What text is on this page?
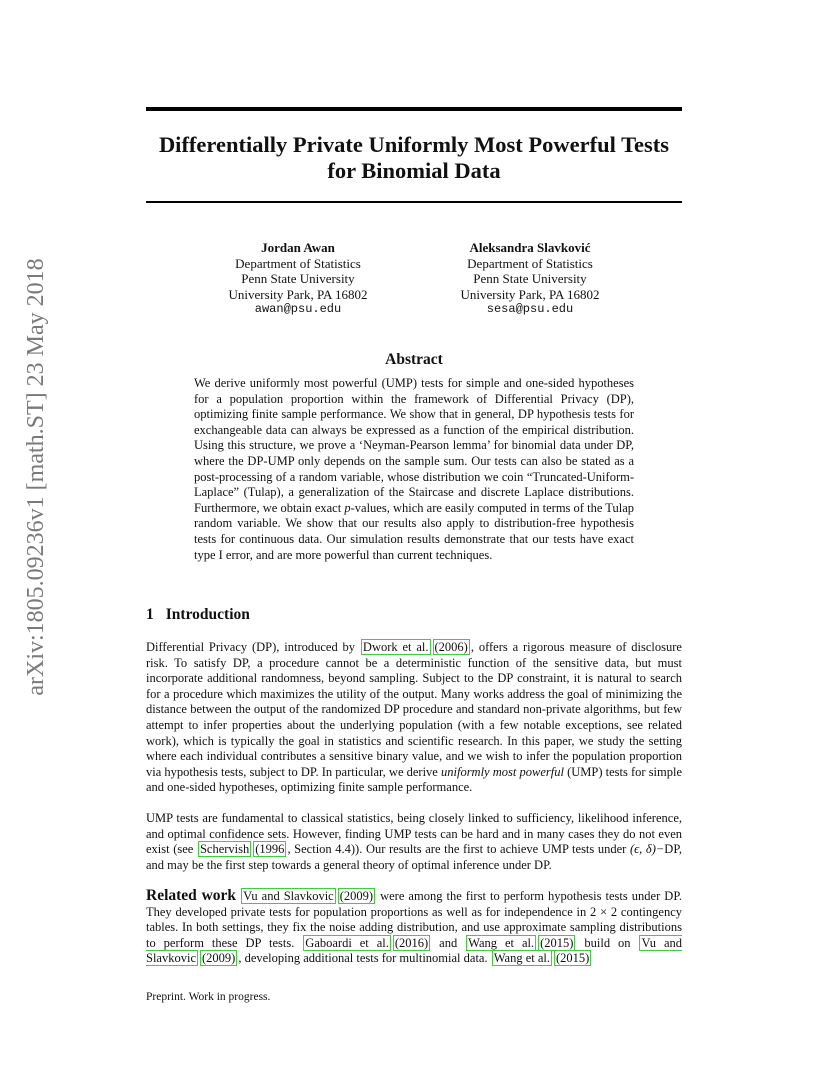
arXiv:1805.09236v1 [math.ST] 23 May 2018
Differentially Private Uniformly Most Powerful Tests
for Binomial Data
Jordan Awan
Department of Statistics
Penn State University
University Park, PA 16802
awan@psu.edu
Aleksandra Slavković
Department of Statistics
Penn State University
University Park, PA 16802
sesa@psu.edu
Abstract

We derive uniformly most powerful (UMP) tests for simple and one-sided hypotheses for a population proportion within the framework of Differential Privacy (DP), optimizing finite sample performance. We show that in general, DP hypothesis tests for exchangeable data can always be expressed as a function of the empirical distribution. Using this structure, we prove a ‘Neyman-Pearson lemma’ for binomial data under DP, where the DP-UMP only depends on the sample sum. Our tests can also be stated as a post-processing of a random variable, whose distribution we coin “Truncated-Uniform-Laplace” (Tulap), a generalization of the Staircase and discrete Laplace distributions. Furthermore, we obtain exact p-values, which are easily computed in terms of the Tulap random variable. We show that our results also apply to distribution-free hypothesis tests for continuous data. Our simulation results demonstrate that our tests have exact type I error, and are more powerful than current techniques.

1 Introduction

Differential Privacy (DP), introduced by Dwork et al. (2006) , offers a rigorous measure of disclosure risk. To satisfy DP, a procedure cannot be a deterministic function of the sensitive data, but must incorporate additional randomness, beyond sampling. Subject to the DP constraint, it is natural to search for a procedure which maximizes the utility of the output. Many works address the goal of minimizing the distance between the output of the randomized DP procedure and standard non-private algorithms, but few attempt to infer properties about the underlying population (with a few notable exceptions, see related work), which is typically the goal in statistics and scientific research. In this paper, we study the setting where each individual contributes a sensitive binary value, and we wish to infer the population proportion via hypothesis tests, subject to DP. In particular, we derive uniformly most powerful (UMP) tests for simple and one-sided hypotheses, optimizing finite sample performance.

UMP tests are fundamental to classical statistics, being closely linked to sufficiency, likelihood inference, and optimal confidence sets. However, finding UMP tests can be hard and in many cases they do not even exist (see Schervish (1996 , Section 4.4)). Our results are the first to achieve UMP tests under (ϵ, δ)−DP, and may be the first step towards a general theory of optimal inference under DP.

Related work Vu and Slavkovic (2009) were among the first to perform hypothesis tests under DP. They developed private tests for population proportions as well as for independence in 2 × 2 contingency tables. In both settings, they fix the noise adding distribution, and use approximate sampling distributions to perform these DP tests. Gaboardi et al. (2016) and Wang et al. (2015) build on Vu and Slavkovic (2009) , developing additional tests for multinomial data. Wang et al. (2015)

Preprint. Work in progress.
